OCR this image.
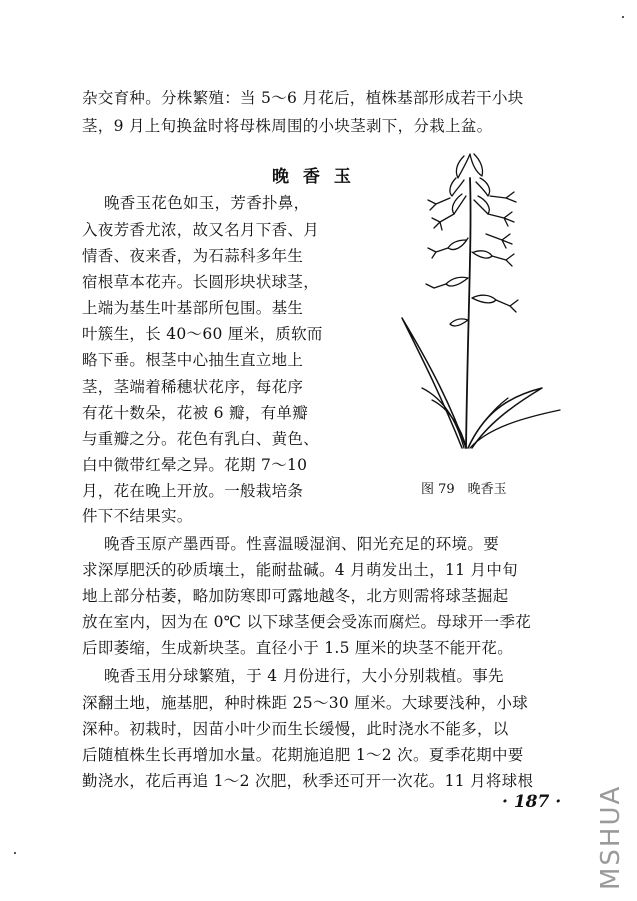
杂交育种。分株繁殖：当 5～6 月花后，植株基部形成若干小块
茎，9 月上旬换盆时将母株周围的小块茎剥下，分栽上盆。
晚 香 玉
晚香玉花色如玉，芳香扑鼻，
入夜芳香尤浓，故又名月下香、月
情香、夜来香，为石蒜科多年生
宿根草本花卉。长圆形块状球茎，
上端为基生叶基部所包围。基生
叶簇生，长 40～60 厘米，质软而
略下垂。根茎中心抽生直立地上
茎，茎端着稀穗状花序，每花序
有花十数朵，花被 6 瓣，有单瓣
与重瓣之分。花色有乳白、黄色、
白中微带红晕之异。花期 7～10
月，花在晚上开放。一般栽培条
件下不结果实。
图 79　晚香玉
晚香玉原产墨西哥。性喜温暖湿润、阳光充足的环境。要
求深厚肥沃的砂质壤土，能耐盐碱。4 月萌发出土，11 月中旬
地上部分枯萎，略加防寒即可露地越冬，北方则需将球茎掘起
放在室内，因为在 0℃ 以下球茎便会受冻而腐烂。母球开一季花
后即萎缩，生成新块茎。直径小于 1.5 厘米的块茎不能开花。
晚香玉用分球繁殖，于 4 月份进行，大小分别栽植。事先
深翻土地，施基肥，种时株距 25～30 厘米。大球要浅种，小球
深种。初栽时，因苗小叶少而生长缓慢，此时浇水不能多，以
后随植株生长再增加水量。花期施追肥 1～2 次。夏季花期中要
勤浇水，花后再追 1～2 次肥，秋季还可开一次花。11 月将球根
· 187 · MSHUA
